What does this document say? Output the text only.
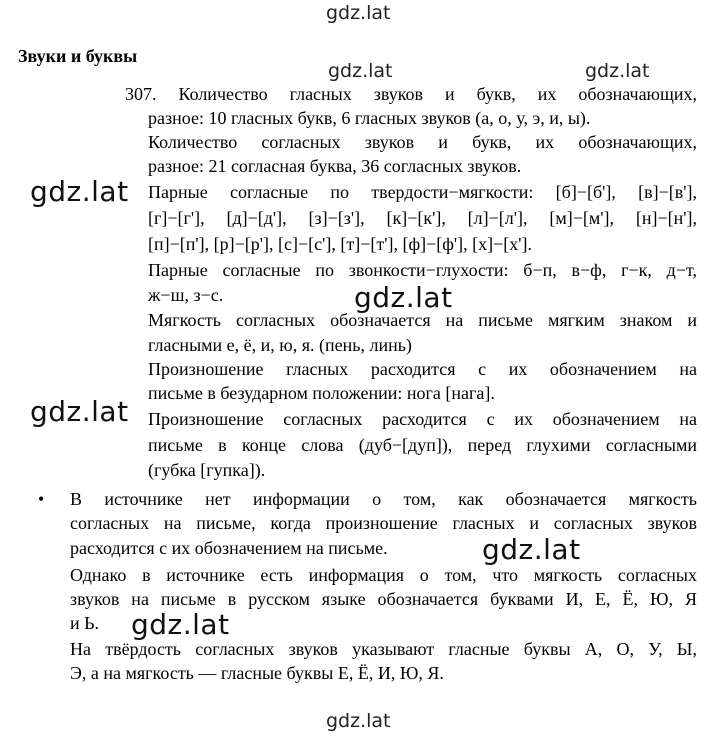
gdz.lat
gdz.lat	gdz.lat
Звуки и буквы
307. Количество гласных звуков и букв, их обозначающих,
разное: 10 гласных букв, 6 гласных звуков (а, о, у, э, и, ы).
Количество согласных звуков и букв, их обозначающих,
разное: 21 согласная буква, 36 согласных звуков.
Парные согласные по твердости−мягкости: [б]−[б'], [в]−[в'],
[г]−[г'], [д]−[д'], [з]−[з'], [к]−[к'], [л]−[л'], [м]−[м'], [н]−[н'],
[п]−[п'], [р]−[р'], [с]−[с'], [т]−[т'], [ф]−[ф'], [х]−[х'].
Парные согласные по звонкости−глухости: б−п, в−ф, г−к, д−т,
ж−ш, з−с.
Мягкость согласных обозначается на письме мягким знаком и
гласными е, ё, и, ю, я. (пень, линь)
Произношение гласных расходится с их обозначением на
письме в безударном положении: нога [нага].
Произношение согласных расходится с их обозначением на
письме в конце слова (дуб−[дуп]), перед глухими согласными
(губка [гупка]).
• В источнике нет информации о том, как обозначается мягкость
согласных на письме, когда произношение гласных и согласных звуков
расходится с их обозначением на письме.
Однако в источнике есть информация о том, что мягкость согласных
звуков на письме в русском языке обозначается буквами И, Е, Ё, Ю, Я
и Ь.
На твёрдость согласных звуков указывают гласные буквы А, О, У, Ы,
Э, а на мягкость — гласные буквы Е, Ё, И, Ю, Я.
gdz.lat
gdz.lat
gdz.lat
gdz.lat
gdz.lat
gdz.lat
